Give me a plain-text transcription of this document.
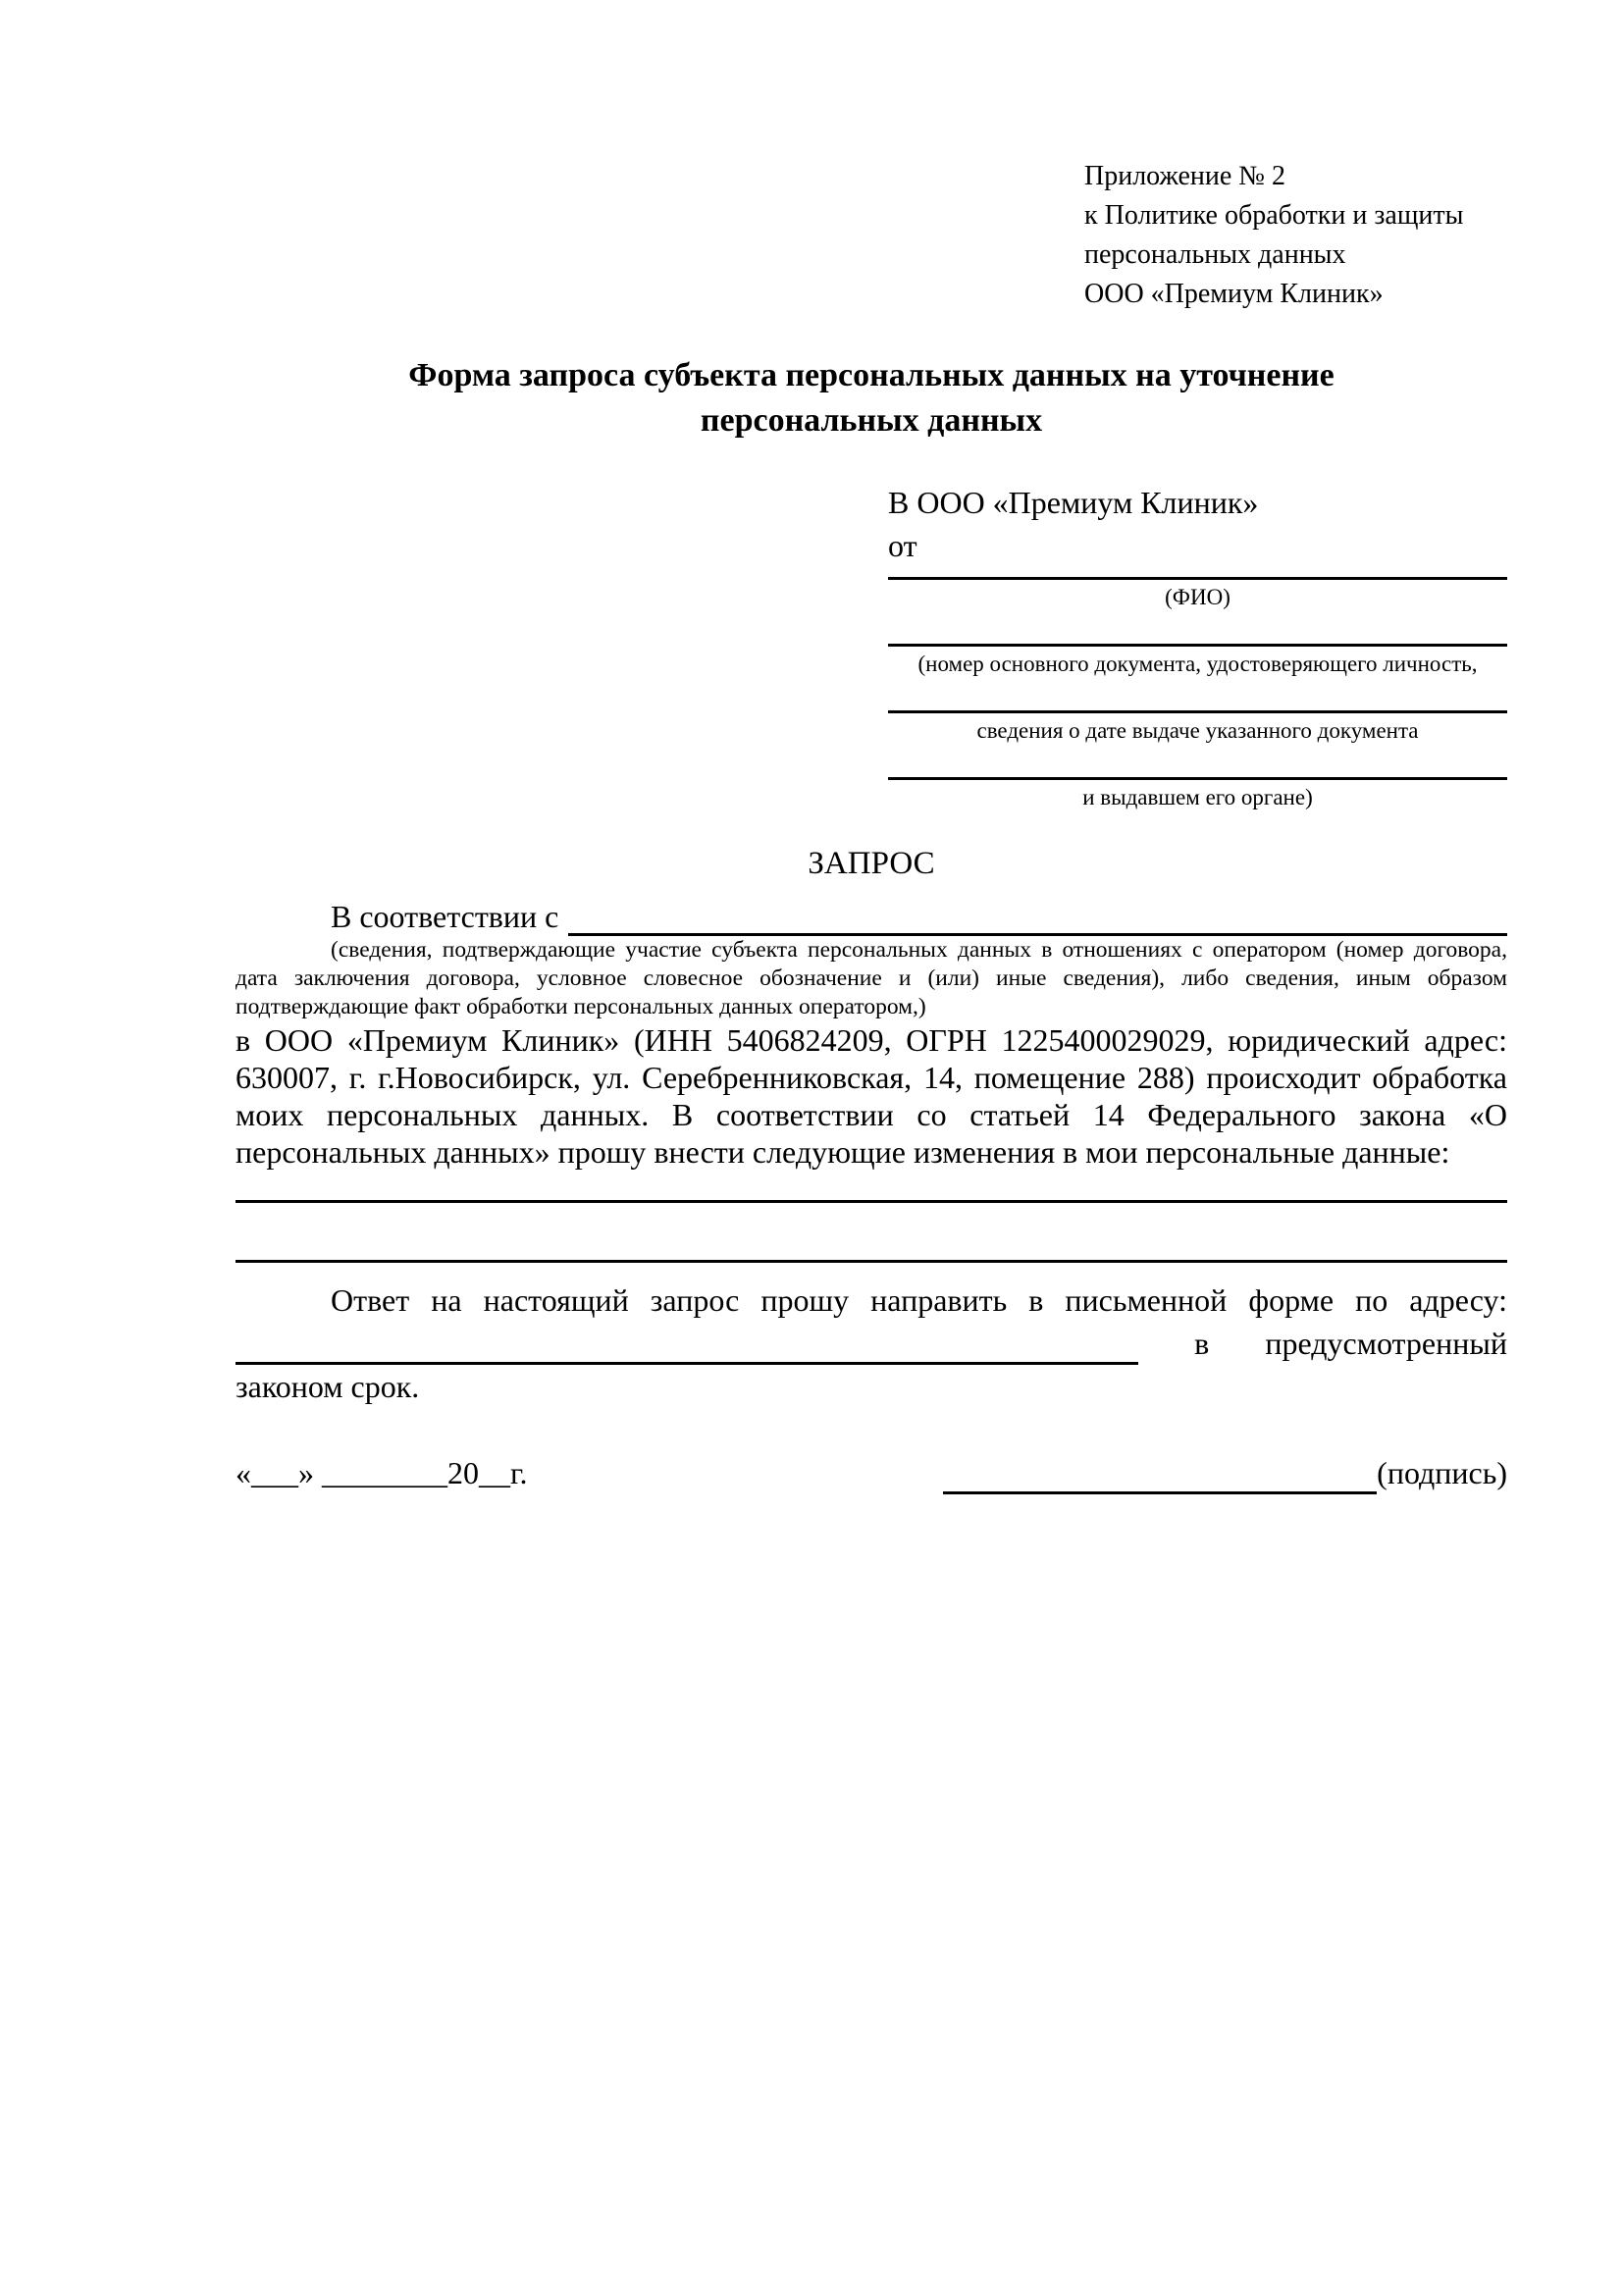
Приложение № 2
к Политике обработки и защиты
персональных данных
ООО «Премиум Клиник»
Форма запроса субъекта персональных данных на уточнение
персональных данных
В ООО «Премиум Клиник»
от
(ФИО)
(номер основного документа, удостоверяющего личность,
сведения о дате выдаче указанного документа
и выдавшем его органе)
ЗАПРОС
В соответствии с
(сведения, подтверждающие участие субъекта персональных данных в отношениях с оператором (номер договора, дата заключения договора, условное словесное обозначение и (или) иные сведения), либо сведения, иным образом подтверждающие факт обработки персональных данных оператором,)
в ООО «Премиум Клиник» (ИНН 5406824209, ОГРН 1225400029029, юридический адрес: 630007, г. г.Новосибирск, ул. Серебренниковская, 14, помещение 288) происходит обработка моих персональных данных. В соответствии со статьей 14 Федерального закона «О персональных данных» прошу внести следующие изменения в мои персональные данные:
Ответ на настоящий запрос прошу направить в письменной форме по адресу:
в предусмотренный
законом срок.
«___» ________20__г.	(подпись)
